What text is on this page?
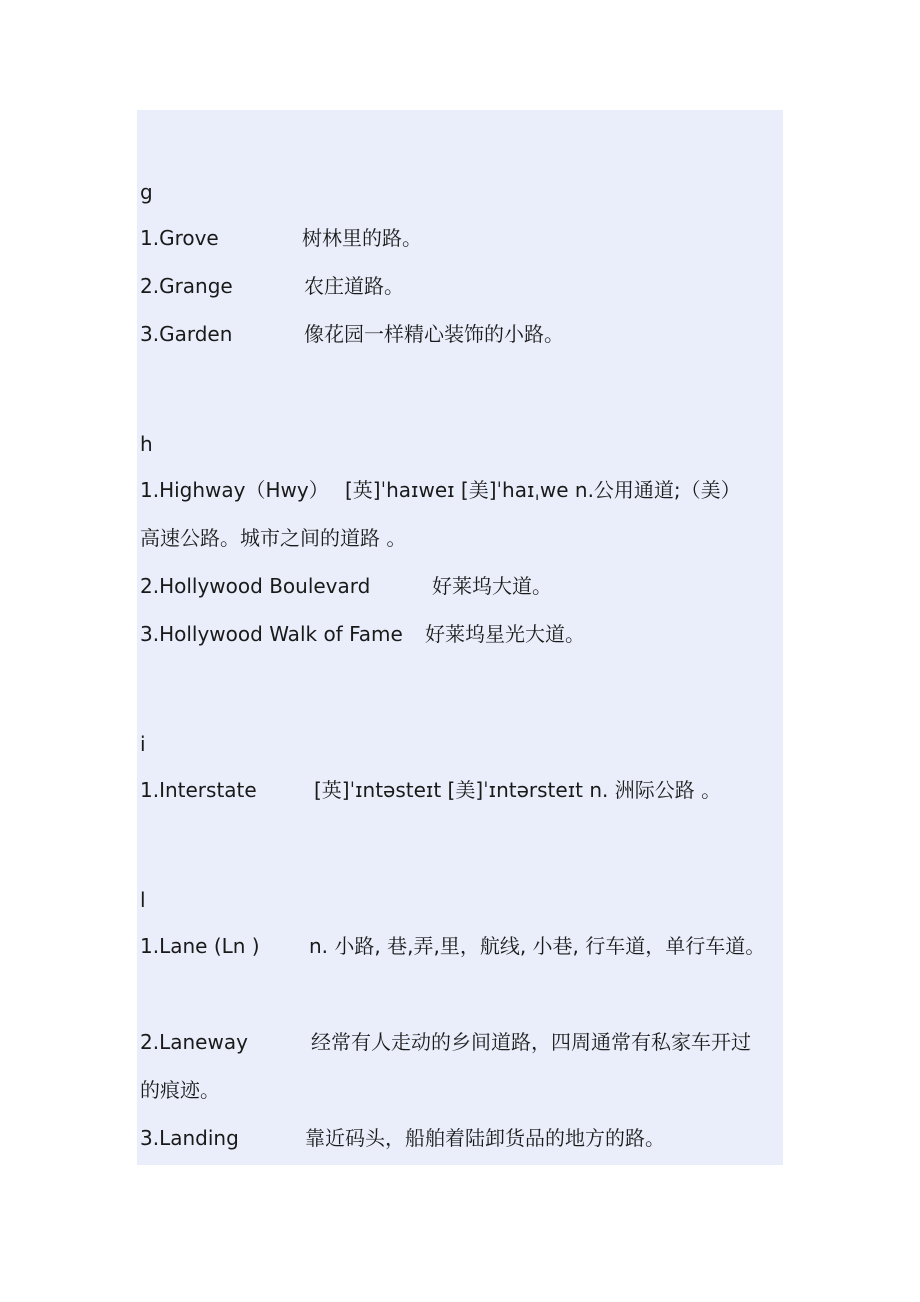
g
1.Grove	树林里的路。
2.Grange	农庄道路。
3.Garden	像花园一样精心装饰的小路。
h
1.Highway（Hwy） [英]ˈhaɪweɪ [美]ˈhaɪˌwe n.公用通道;（美）
高速公路。城市之间的道路 。
2.Hollywood Boulevard	好莱坞大道。
3.Hollywood Walk of Fame 好莱坞星光大道。
i
1.Interstate	[英]ˈɪntəsteɪt [美]ˈɪntərsteɪt n. 洲际公路 。
l
1.Lane (Ln ) n. 小路, 巷,弄,里，航线, 小巷, 行车道，单行车道。
2.Laneway	经常有人走动的乡间道路，四周通常有私家车开过
的痕迹。
3.Landing	靠近码头，船舶着陆卸货品的地方的路。
